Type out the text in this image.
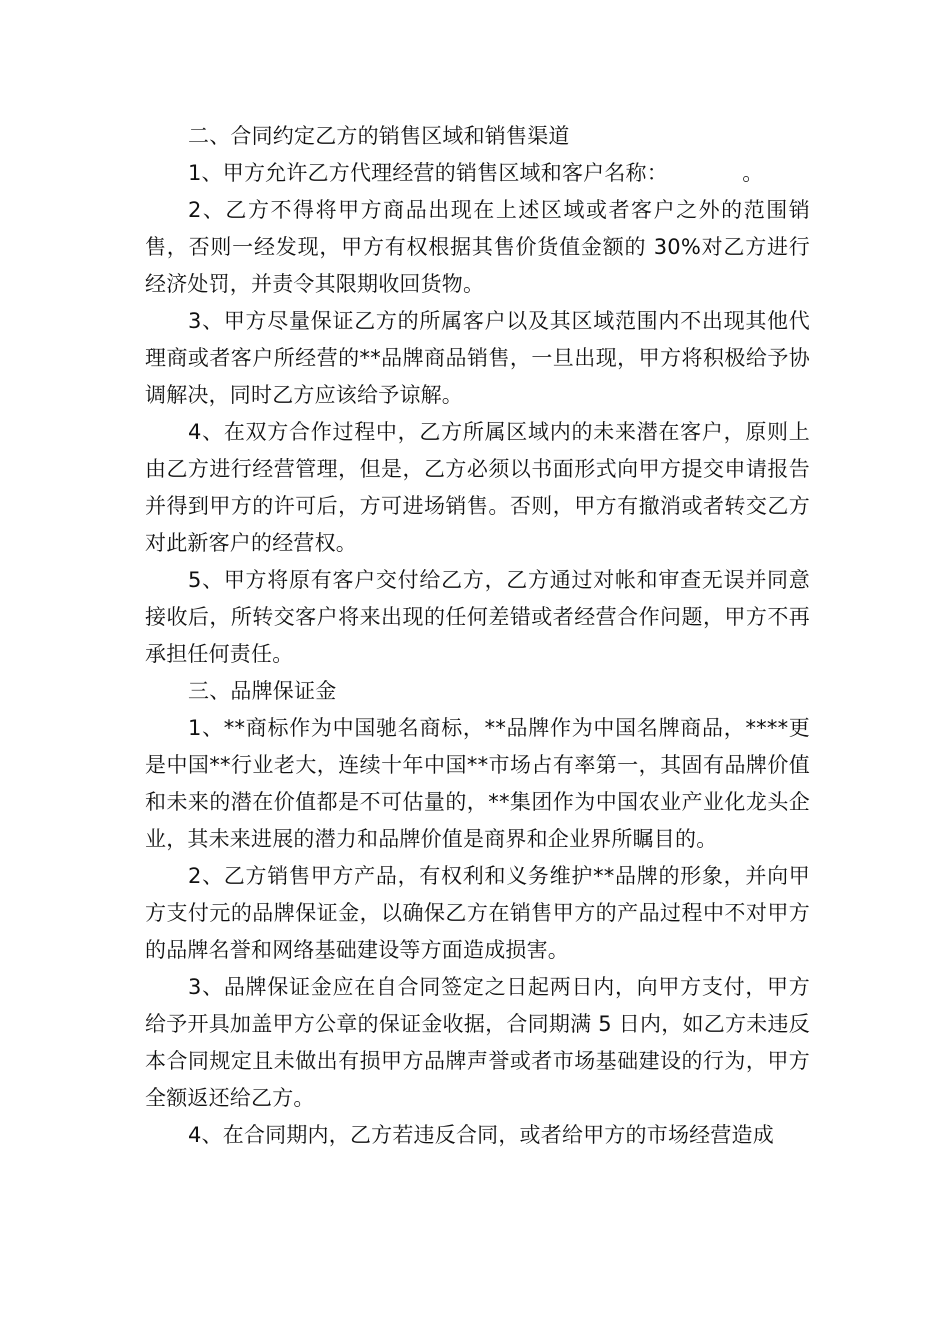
二、合同约定乙方的销售区域和销售渠道

1、甲方允许乙方代理经营的销售区域和客户名称：　　　　。

2、乙方不得将甲方商品出现在上述区域或者客户之外的范围销售，否则一经发现，甲方有权根据其售价货值金额的 30%对乙方进行经济处罚，并责令其限期收回货物。

3、甲方尽量保证乙方的所属客户以及其区域范围内不出现其他代理商或者客户所经营的**品牌商品销售，一旦出现，甲方将积极给予协调解决，同时乙方应该给予谅解。

4、在双方合作过程中，乙方所属区域内的未来潜在客户，原则上由乙方进行经营管理，但是，乙方必须以书面形式向甲方提交申请报告并得到甲方的许可后，方可进场销售。否则，甲方有撤消或者转交乙方对此新客户的经营权。

5、甲方将原有客户交付给乙方，乙方通过对帐和审查无误并同意接收后，所转交客户将来出现的任何差错或者经营合作问题，甲方不再承担任何责任。

三、品牌保证金

1、**商标作为中国驰名商标，**品牌作为中国名牌商品，****更是中国**行业老大，连续十年中国**市场占有率第一，其固有品牌价值和未来的潜在价值都是不可估量的，**集团作为中国农业产业化龙头企业，其未来进展的潜力和品牌价值是商界和企业界所瞩目的。

2、乙方销售甲方产品，有权利和义务维护**品牌的形象，并向甲方支付元的品牌保证金，以确保乙方在销售甲方的产品过程中不对甲方的品牌名誉和网络基础建设等方面造成损害。

3、品牌保证金应在自合同签定之日起两日内，向甲方支付，甲方给予开具加盖甲方公章的保证金收据，合同期满 5 日内，如乙方未违反本合同规定且未做出有损甲方品牌声誉或者市场基础建设的行为，甲方全额返还给乙方。

4、在合同期内，乙方若违反合同，或者给甲方的市场经营造成
